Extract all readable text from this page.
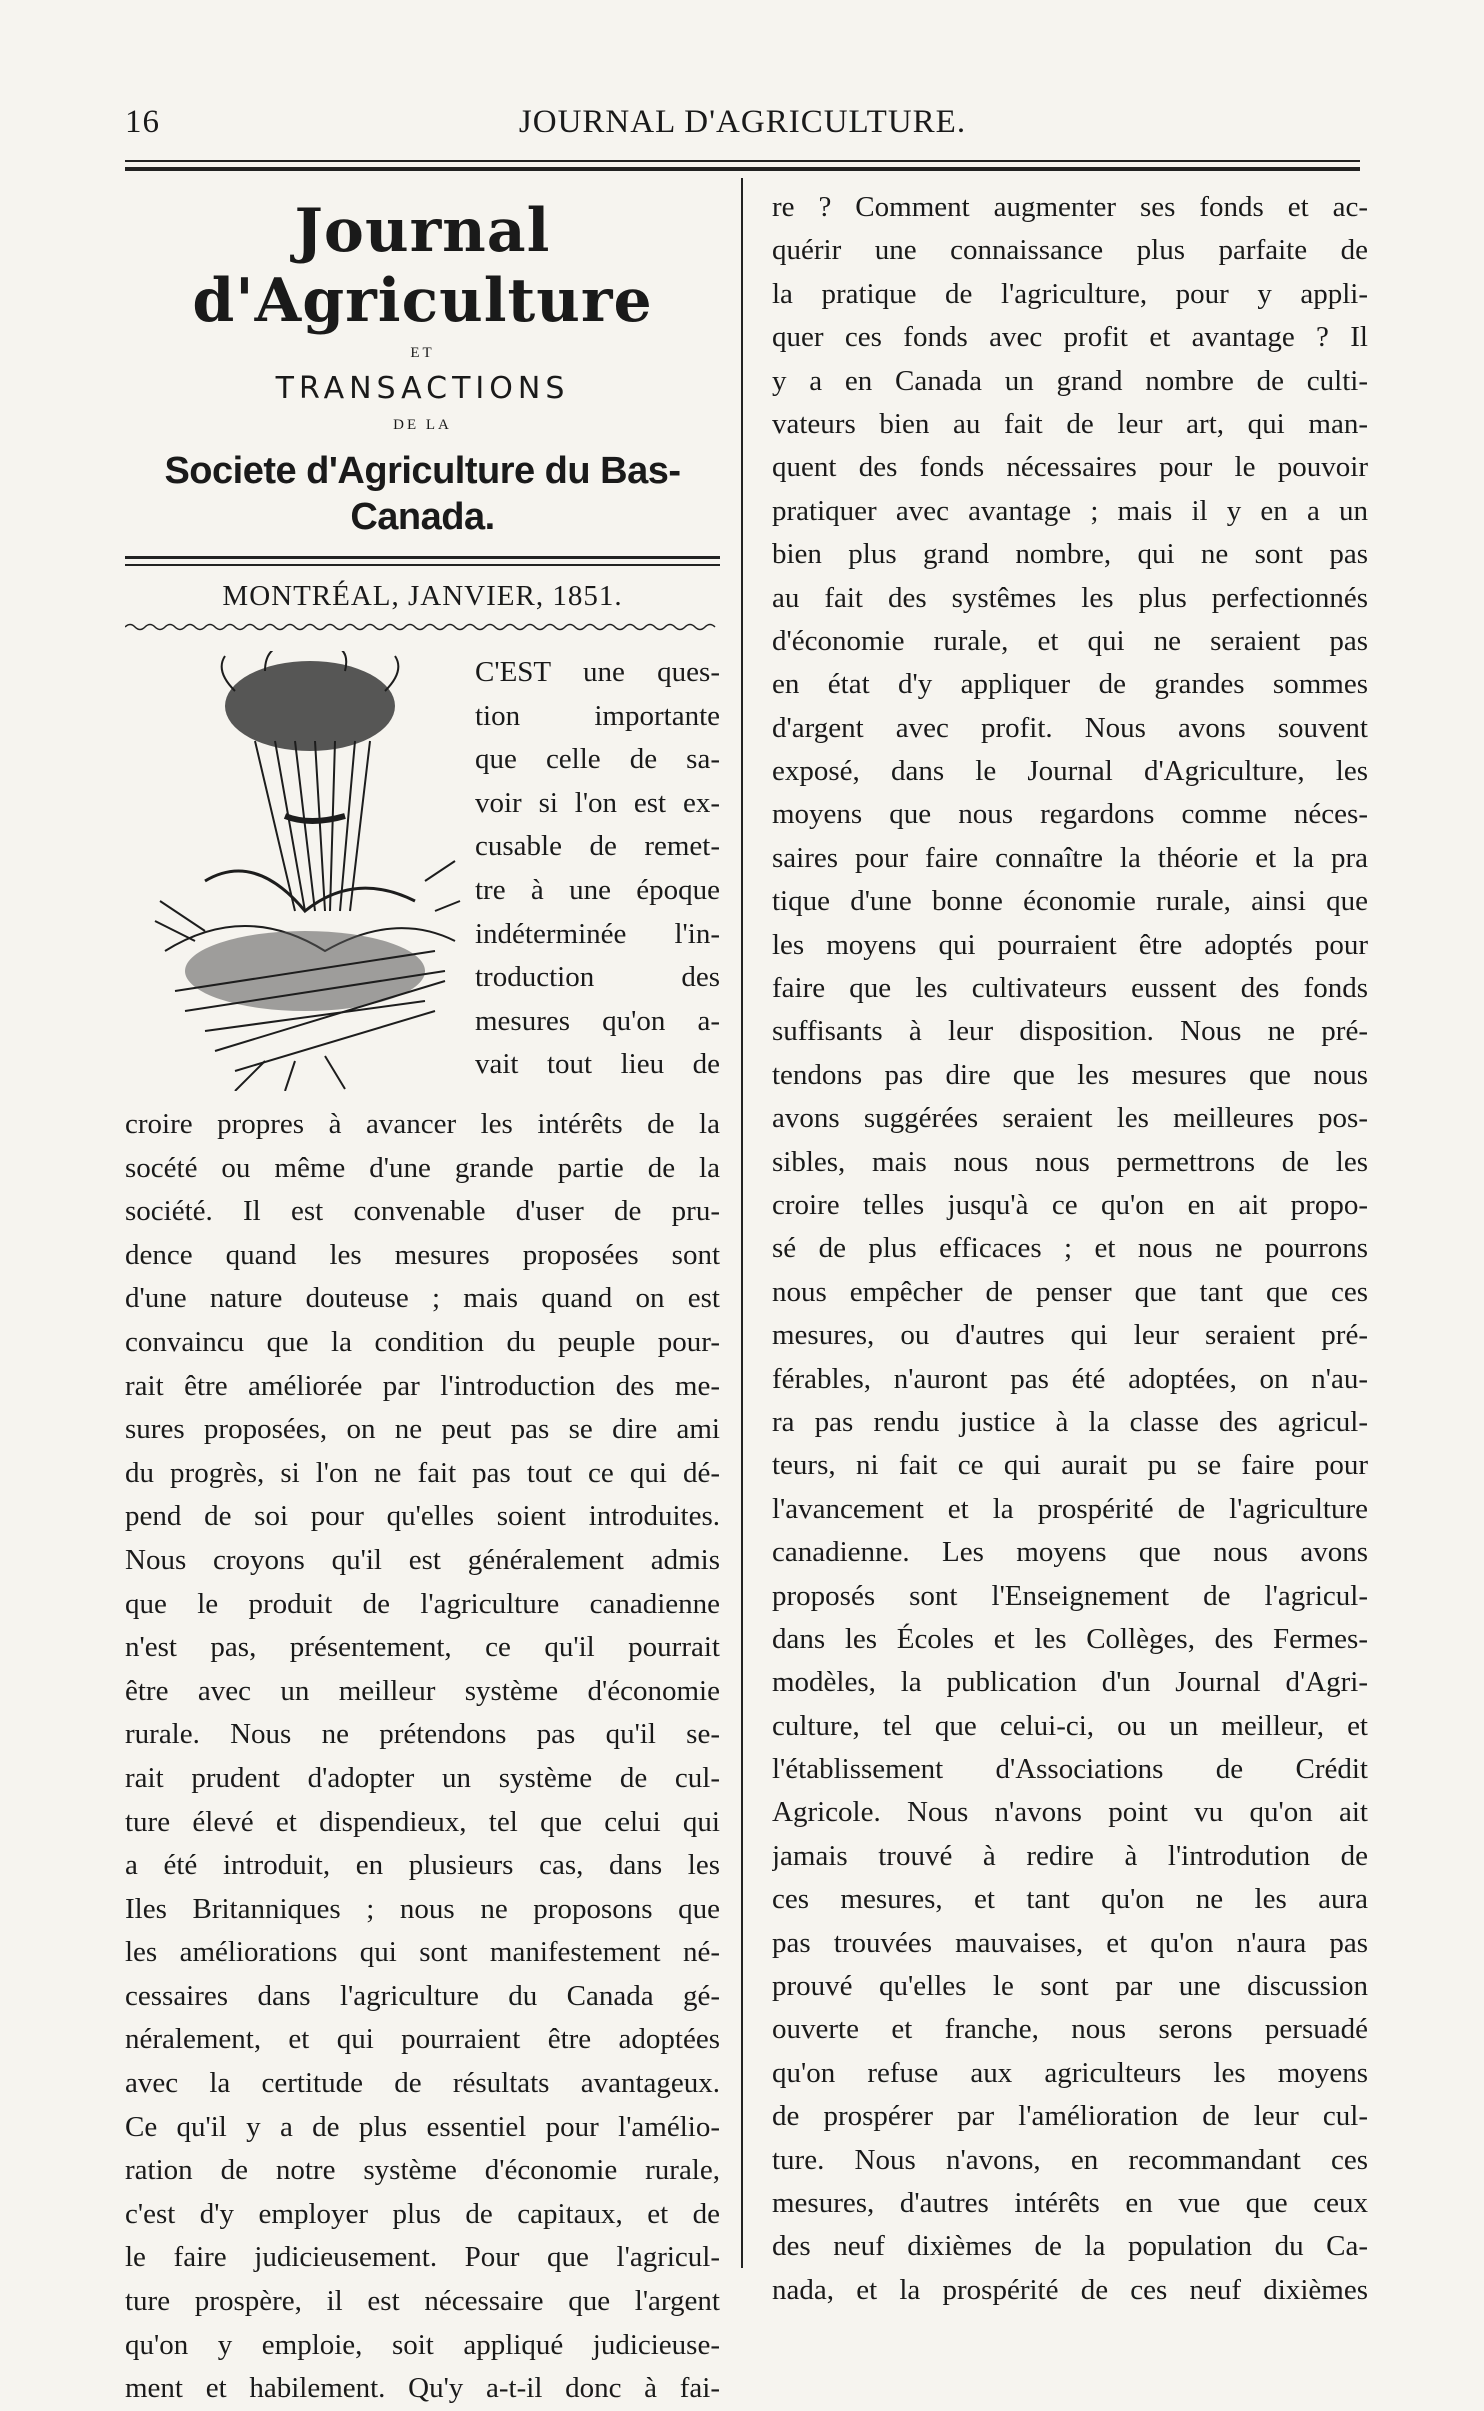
16	JOURNAL D'AGRICULTURE.
Journal d'Agriculture
ET
TRANSACTIONS
DE LA
Societe d'Agriculture du Bas-Canada.
MONTRÉAL, JANVIER, 1851.
C'EST une ques-
tion importante
que celle de sa-
voir si l'on est ex-
cusable de remet-
tre à une époque
indéterminée l'in-
troduction des
mesures qu'on a-
vait tout lieu de
croire propres à avancer les intérêts de la
socété ou même d'une grande partie de la
société. Il est convenable d'user de pru-
dence quand les mesures proposées sont
d'une nature douteuse ; mais quand on est
convaincu que la condition du peuple pour-
rait être améliorée par l'introduction des me-
sures proposées, on ne peut pas se dire ami
du progrès, si l'on ne fait pas tout ce qui dé-
pend de soi pour qu'elles soient introduites.
Nous croyons qu'il est généralement admis
que le produit de l'agriculture canadienne
n'est pas, présentement, ce qu'il pourrait
être avec un meilleur système d'économie
rurale. Nous ne prétendons pas qu'il se-
rait prudent d'adopter un système de cul-
ture élevé et dispendieux, tel que celui qui
a été introduit, en plusieurs cas, dans les
Iles Britanniques ; nous ne proposons que
les améliorations qui sont manifestement né-
cessaires dans l'agriculture du Canada gé-
néralement, et qui pourraient être adoptées
avec la certitude de résultats avantageux.
Ce qu'il y a de plus essentiel pour l'amélio-
ration de notre système d'économie rurale,
c'est d'y employer plus de capitaux, et de
le faire judicieusement. Pour que l'agricul-
ture prospère, il est nécessaire que l'argent
qu'on y emploie, soit appliqué judicieuse-
ment et habilement. Qu'y a-t-il donc à fai-
re ? Comment augmenter ses fonds et ac-
quérir une connaissance plus parfaite de
la pratique de l'agriculture, pour y appli-
quer ces fonds avec profit et avantage ? Il
y a en Canada un grand nombre de culti-
vateurs bien au fait de leur art, qui man-
quent des fonds nécessaires pour le pouvoir
pratiquer avec avantage ; mais il y en a un
bien plus grand nombre, qui ne sont pas
au fait des systêmes les plus perfectionnés
d'économie rurale, et qui ne seraient pas
en état d'y appliquer de grandes sommes
d'argent avec profit. Nous avons souvent
exposé, dans le Journal d'Agriculture, les
moyens que nous regardons comme néces-
saires pour faire connaître la théorie et la pra
tique d'une bonne économie rurale, ainsi que
les moyens qui pourraient être adoptés pour
faire que les cultivateurs eussent des fonds
suffisants à leur disposition. Nous ne pré-
tendons pas dire que les mesures que nous
avons suggérées seraient les meilleures pos-
sibles, mais nous nous permettrons de les
croire telles jusqu'à ce qu'on en ait propo-
sé de plus efficaces ; et nous ne pourrons
nous empêcher de penser que tant que ces
mesures, ou d'autres qui leur seraient pré-
férables, n'auront pas été adoptées, on n'au-
ra pas rendu justice à la classe des agricul-
teurs, ni fait ce qui aurait pu se faire pour
l'avancement et la prospérité de l'agriculture
canadienne. Les moyens que nous avons
proposés sont l'Enseignement de l'agricul-
dans les Écoles et les Collèges, des Fermes-
modèles, la publication d'un Journal d'Agri-
culture, tel que celui-ci, ou un meilleur, et
l'établissement d'Associations de Crédit
Agricole. Nous n'avons point vu qu'on ait
jamais trouvé à redire à l'introdution de
ces mesures, et tant qu'on ne les aura
pas trouvées mauvaises, et qu'on n'aura pas
prouvé qu'elles le sont par une discussion
ouverte et franche, nous serons persuadé
qu'on refuse aux agriculteurs les moyens
de prospérer par l'amélioration de leur cul-
ture. Nous n'avons, en recommandant ces
mesures, d'autres intérêts en vue que ceux
des neuf dixièmes de la population du Ca-
nada, et la prospérité de ces neuf dixièmes
